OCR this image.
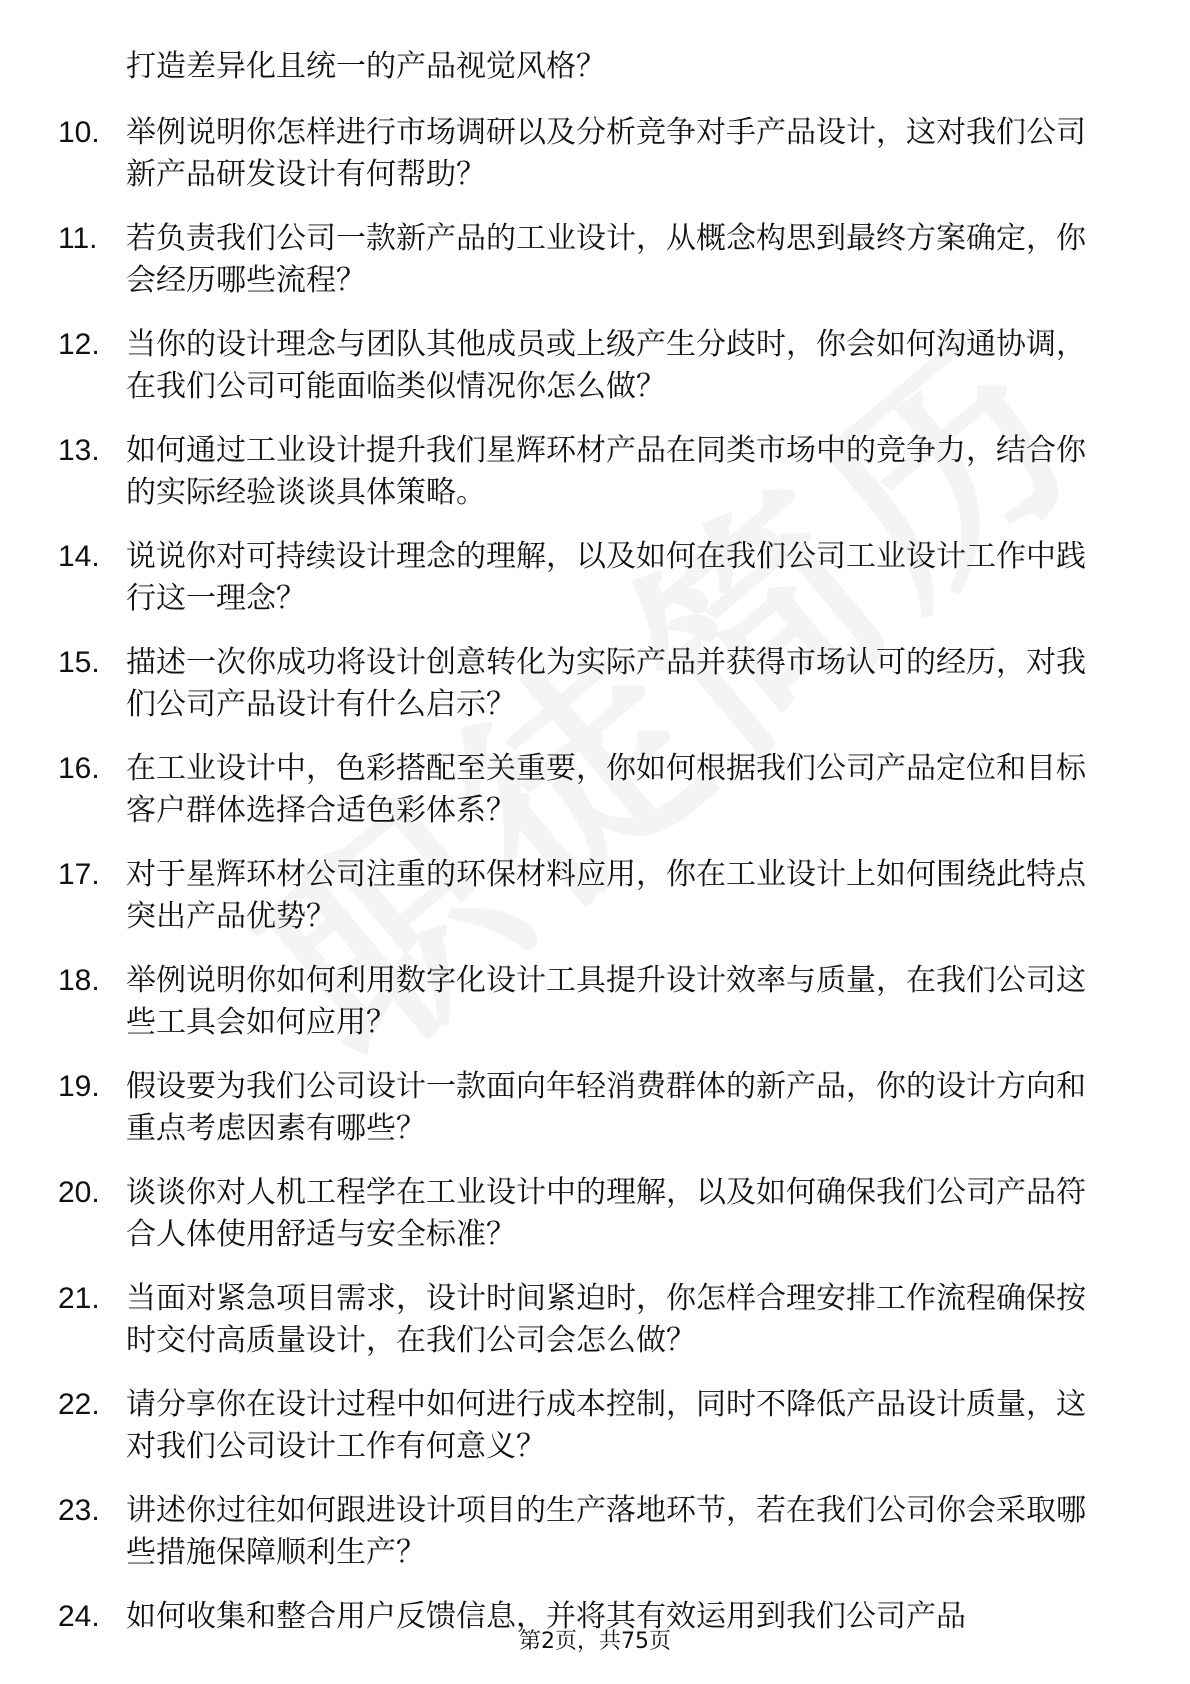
打造差异化且统一的产品视觉风格？
10. 举例说明你怎样进行市场调研以及分析竞争对手产品设计，这对我们公司新产品研发设计有何帮助？
11. 若负责我们公司一款新产品的工业设计，从概念构思到最终方案确定，你会经历哪些流程？
12. 当你的设计理念与团队其他成员或上级产生分歧时，你会如何沟通协调，在我们公司可能面临类似情况你怎么做？
13. 如何通过工业设计提升我们星辉环材产品在同类市场中的竞争力，结合你的实际经验谈谈具体策略。
14. 说说你对可持续设计理念的理解，以及如何在我们公司工业设计工作中践行这一理念？
15. 描述一次你成功将设计创意转化为实际产品并获得市场认可的经历，对我们公司产品设计有什么启示？
16. 在工业设计中，色彩搭配至关重要，你如何根据我们公司产品定位和目标客户群体选择合适色彩体系？
17. 对于星辉环材公司注重的环保材料应用，你在工业设计上如何围绕此特点突出产品优势？
18. 举例说明你如何利用数字化设计工具提升设计效率与质量，在我们公司这些工具会如何应用？
19. 假设要为我们公司设计一款面向年轻消费群体的新产品，你的设计方向和重点考虑因素有哪些？
20. 谈谈你对人机工程学在工业设计中的理解，以及如何确保我们公司产品符合人体使用舒适与安全标准？
21. 当面对紧急项目需求，设计时间紧迫时，你怎样合理安排工作流程确保按时交付高质量设计，在我们公司会怎么做？
22. 请分享你在设计过程中如何进行成本控制，同时不降低产品设计质量，这对我们公司设计工作有何意义？
23. 讲述你过往如何跟进设计项目的生产落地环节，若在我们公司你会采取哪些措施保障顺利生产？
24. 如何收集和整合用户反馈信息，并将其有效运用到我们公司产品
第2页，共75页
